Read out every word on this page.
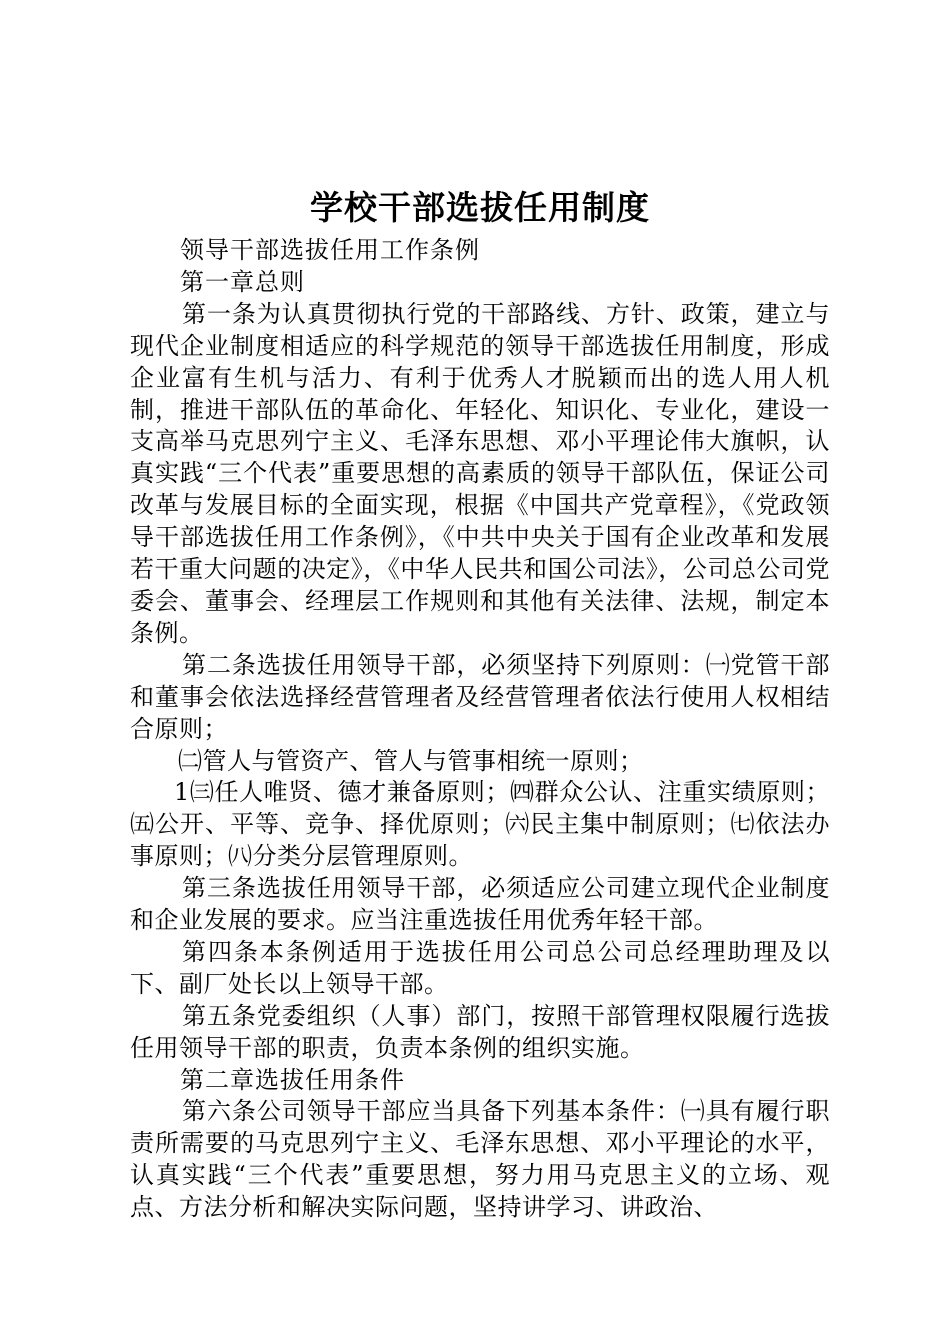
学校干部选拔任用制度

领导干部选拔任用工作条例

第一章总则

第一条为认真贯彻执行党的干部路线、方针、政策，建立与现代企业制度相适应的科学规范的领导干部选拔任用制度，形成企业富有生机与活力、有利于优秀人才脱颖而出的选人用人机制，推进干部队伍的革命化、年轻化、知识化、专业化，建设一支高举马克思列宁主义、毛泽东思想、邓小平理论伟大旗帜，认真实践“三个代表”重要思想的高素质的领导干部队伍，保证公司改革与发展目标的全面实现，根据《中国共产党章程》，《党政领导干部选拔任用工作条例》，《中共中央关于国有企业改革和发展若干重大问题的决定》，《中华人民共和国公司法》，公司总公司党委会、董事会、经理层工作规则和其他有关法律、法规，制定本条例。

第二条选拔任用领导干部，必须坚持下列原则：㈠党管干部和董事会依法选择经营管理者及经营管理者依法行使用人权相结合原则；

㈡管人与管资产、管人与管事相统一原则；

1㈢任人唯贤、德才兼备原则；㈣群众公认、注重实绩原则；㈤公开、平等、竞争、择优原则；㈥民主集中制原则；㈦依法办事原则；㈧分类分层管理原则。

第三条选拔任用领导干部，必须适应公司建立现代企业制度和企业发展的要求。应当注重选拔任用优秀年轻干部。

第四条本条例适用于选拔任用公司总公司总经理助理及以下、副厂处长以上领导干部。

第五条党委组织（人事）部门，按照干部管理权限履行选拔任用领导干部的职责，负责本条例的组织实施。

第二章选拔任用条件

第六条公司领导干部应当具备下列基本条件：㈠具有履行职责所需要的马克思列宁主义、毛泽东思想、邓小平理论的水平，认真实践“三个代表”重要思想，努力用马克思主义的立场、观点、方法分析和解决实际问题，坚持讲学习、讲政治、
